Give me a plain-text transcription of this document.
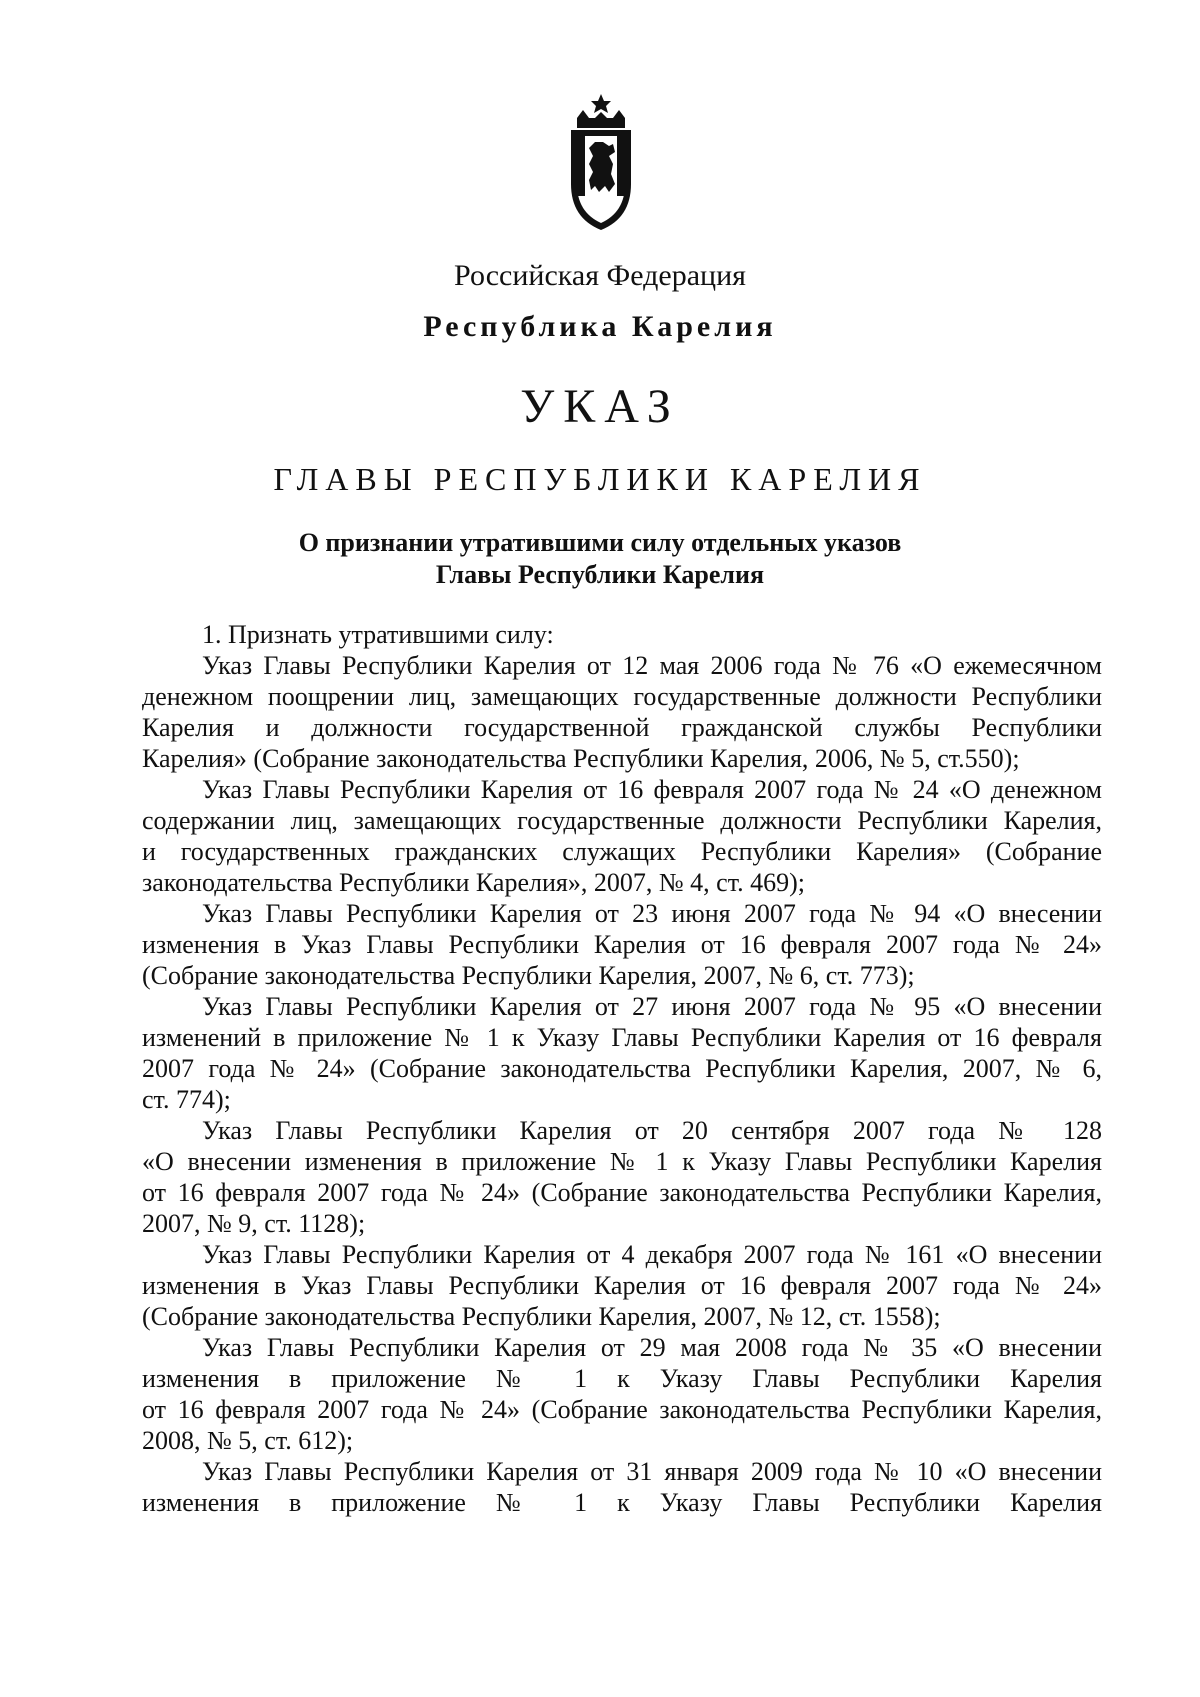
Российская Федерация
Республика Карелия
УКАЗ
ГЛАВЫ РЕСПУБЛИКИ КАРЕЛИЯ
О признании утратившими силу отдельных указов
Главы Республики Карелия
1. Признать утратившими силу:
Указ Главы Республики Карелия от 12 мая 2006 года № 76 «О ежемесячном
денежном поощрении лиц, замещающих государственные должности Республики
Карелия и должности государственной гражданской службы Республики
Карелия» (Собрание законодательства Республики Карелия, 2006, № 5, ст.550);
Указ Главы Республики Карелия от 16 февраля 2007 года № 24 «О денежном
содержании лиц, замещающих государственные должности Республики Карелия,
и государственных гражданских служащих Республики Карелия» (Собрание
законодательства Республики Карелия», 2007, № 4, ст. 469);
Указ Главы Республики Карелия от 23 июня 2007 года № 94 «О внесении
изменения в Указ Главы Республики Карелия от 16 февраля 2007 года № 24»
(Собрание законодательства Республики Карелия, 2007, № 6, ст. 773);
Указ Главы Республики Карелия от 27 июня 2007 года № 95 «О внесении
изменений в приложение № 1 к Указу Главы Республики Карелия от 16 февраля
2007 года № 24» (Собрание законодательства Республики Карелия, 2007, № 6,
ст. 774);
Указ Главы Республики Карелия от 20 сентября 2007 года № 128
«О внесении изменения в приложение № 1 к Указу Главы Республики Карелия
от 16 февраля 2007 года № 24» (Собрание законодательства Республики Карелия,
2007, № 9, ст. 1128);
Указ Главы Республики Карелия от 4 декабря 2007 года № 161 «О внесении
изменения в Указ Главы Республики Карелия от 16 февраля 2007 года № 24»
(Собрание законодательства Республики Карелия, 2007, № 12, ст. 1558);
Указ Главы Республики Карелия от 29 мая 2008 года № 35 «О внесении
изменения в приложение № 1 к Указу Главы Республики Карелия
от 16 февраля 2007 года № 24» (Собрание законодательства Республики Карелия,
2008, № 5, ст. 612);
Указ Главы Республики Карелия от 31 января 2009 года № 10 «О внесении
изменения в приложение № 1 к Указу Главы Республики Карелия
